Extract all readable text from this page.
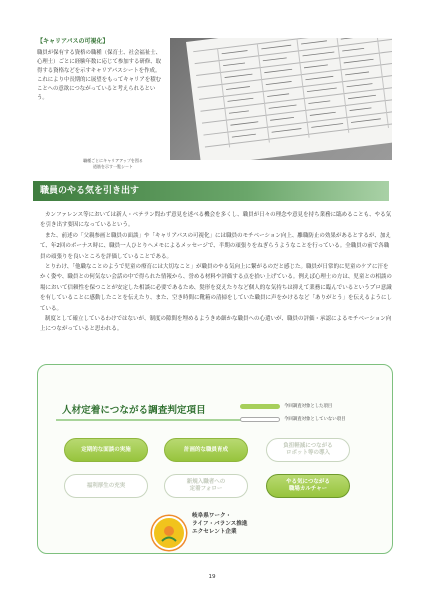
【キャリアパスの可視化】
職員が保有する資格の職種（保育士、社会福祉士、心理士）ごとに経験年数に応じて参加する研修、取得する資格などを示すキャリアパスシートを作成。これにより中長期的に展望をもってキャリアを積むことへの意欲につながっていると考えられるという。
職種ごとにキャリアアップを図る
道筋を示す一覧シート
職員のやる気を引き出す

カンファレンス等においては新人・ベテラン問わず意見を述べる機会を多くし、職員が日々の理念や意見を持ち業務に臨めることも、やる気を引き出す要因になっているという。

また、前述の「父親参画と職員の面談」や「キャリアパスの可視化」には職員のモチベーション向上、離職防止の効果があるとするが、加えて、年2回のボーナス時に、職員一人ひとりへメモによるメッセージで、半期の頑張りをねぎらうようなことを行っている。全職員の前で各職員の頑張りを良いところを評価していることである。

とりわけ、「他職なことのようで児童の療育には大切なこと」が職員のやる気向上に繋がるのだと感じた。職員が日常的に児童のケアに汗をかく姿や、職員との何気ない会話の中で得られた情報から、誉める材料や評価する点を拾い上げている。例えば心理士の方は、児童との相談の場において信頼性を保つことが安定した相談に必要であるため、髪形を変えたりなど個人的な気持ちは抑えて業務に臨んでいるというプロ意識を有していることに感動したことを伝えたり、また、空き時間に靴箱の清掃をしていた職員に声をかけるなど「ありがとう」を伝えるようにしている。

制度として確立しているわけではないが、制度の隙間を埋めるようきめ細かな職員への心遣いが、職員の評価・承認によるモチベーション向上につながっていると思われる。

人材定着につながる調査判定項目	今回調査対象とした項目
今回調査対象としていない項目
定期的な面談の実施	計画的な職員育成
負担軽減につながる
ロボット等の導入
福利厚生の充実
新規入職者への
定着フォロー
やる気につながる
職場カルチャー
岐阜県ワーク・
ライフ・バランス推進
エクセレント企業
19
